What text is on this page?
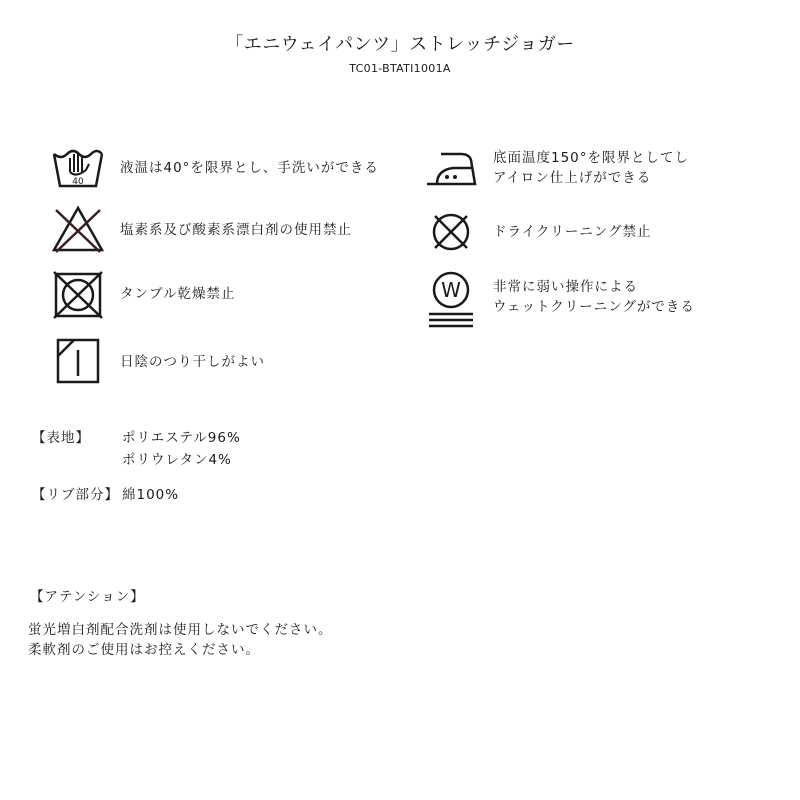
「エニウェイパンツ」ストレッチジョガー
TC01-BTATI1001A
40
液温は40°を限界とし、手洗いができる
塩素系及び酸素系漂白剤の使用禁止
タンブル乾燥禁止
日陰のつり干しがよい
底面温度150°を限界としてし
アイロン仕上げができる
ドライクリーニング禁止
W 非常に弱い操作による
ウェットクリーニングができる
【表地】	ポリエステル96%
ポリウレタン4%
【リブ部分】 綿100%
【アテンション】
蛍光増白剤配合洗剤は使用しないでください。
柔軟剤のご使用はお控えください。
